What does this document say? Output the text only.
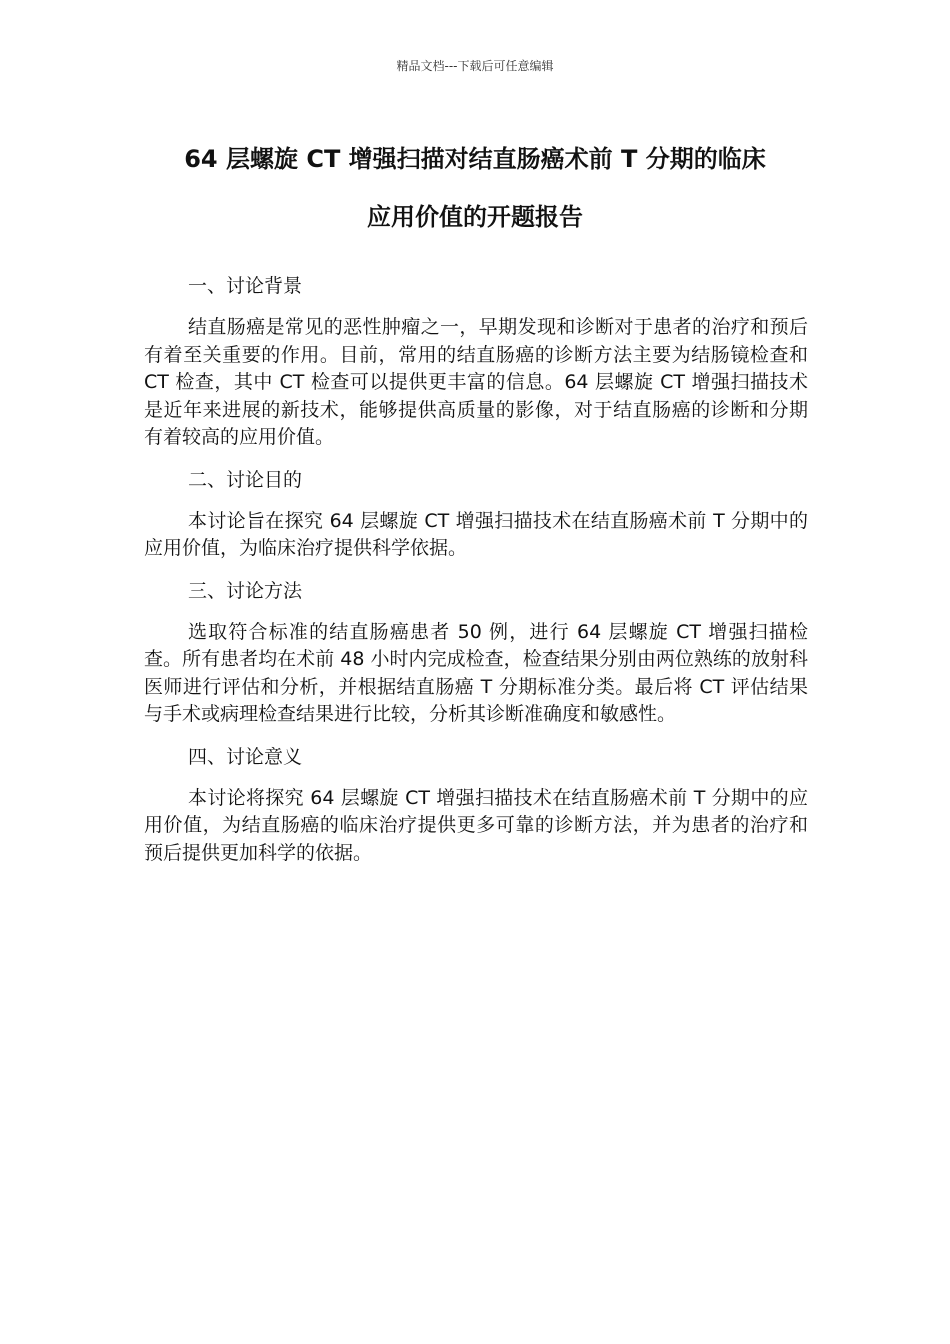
精品文档---下载后可任意编辑
64 层螺旋 CT 增强扫描对结直肠癌术前 T 分期的临床
应用价值的开题报告
一、讨论背景

结直肠癌是常见的恶性肿瘤之一，早期发现和诊断对于患者的治疗和预后有着至关重要的作用。目前，常用的结直肠癌的诊断方法主要为结肠镜检查和 CT 检查，其中 CT 检查可以提供更丰富的信息。64 层螺旋 CT 增强扫描技术是近年来进展的新技术，能够提供高质量的影像，对于结直肠癌的诊断和分期有着较高的应用价值。

二、讨论目的

本讨论旨在探究 64 层螺旋 CT 增强扫描技术在结直肠癌术前 T 分期中的应用价值，为临床治疗提供科学依据。

三、讨论方法

选取符合标准的结直肠癌患者 50 例，进行 64 层螺旋 CT 增强扫描检查。所有患者均在术前 48 小时内完成检查，检查结果分别由两位熟练的放射科医师进行评估和分析，并根据结直肠癌 T 分期标准分类。最后将 CT 评估结果与手术或病理检查结果进行比较，分析其诊断准确度和敏感性。

四、讨论意义

本讨论将探究 64 层螺旋 CT 增强扫描技术在结直肠癌术前 T 分期中的应用价值，为结直肠癌的临床治疗提供更多可靠的诊断方法，并为患者的治疗和预后提供更加科学的依据。
